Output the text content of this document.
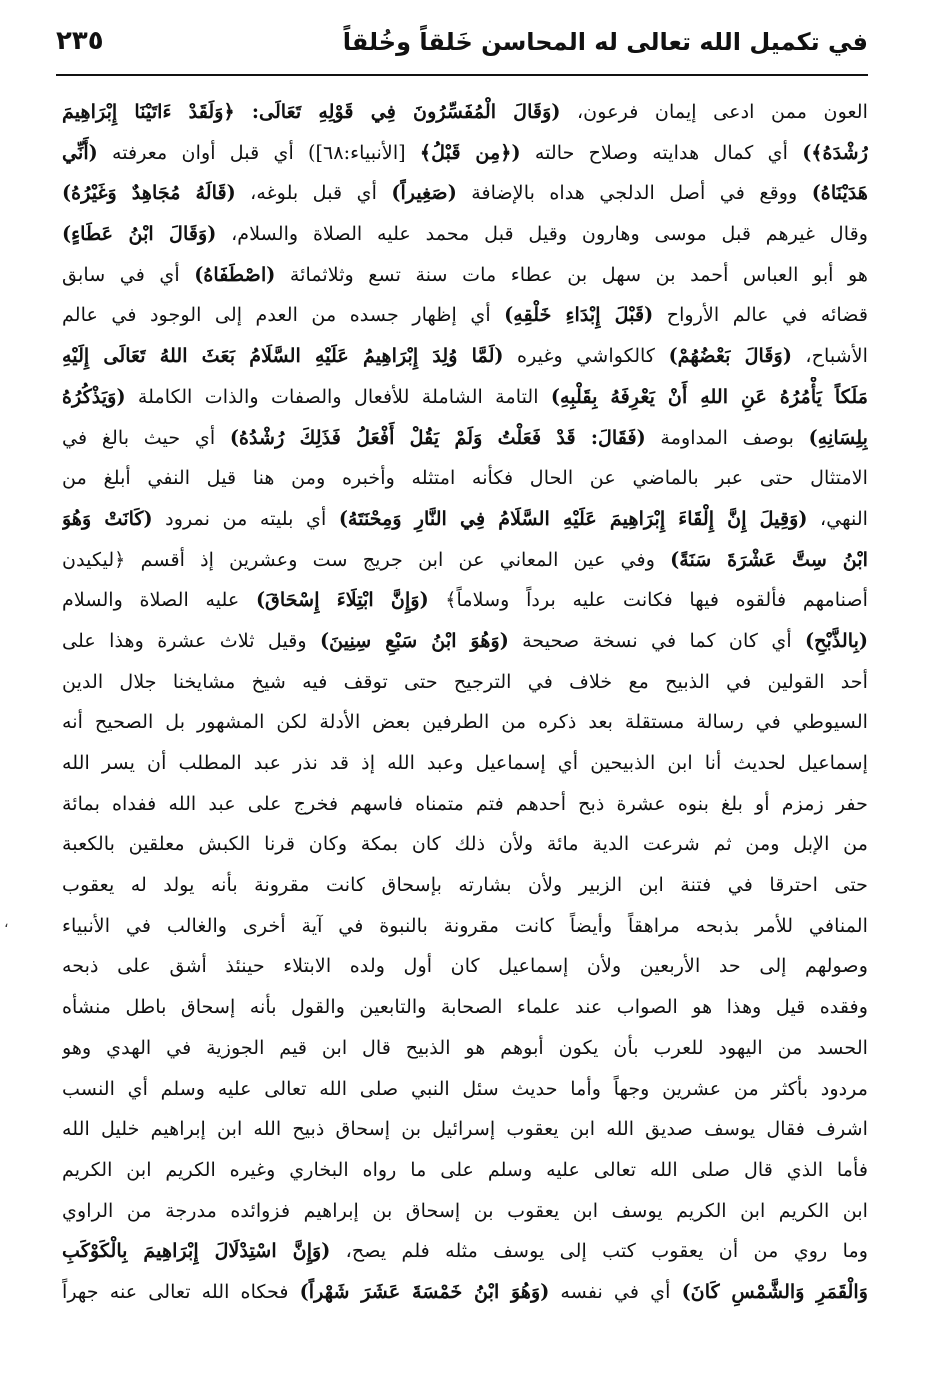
في تكميل الله تعالى له المحاسن خَلقاً وخُلقاً
٢٣٥
العون ممن ادعى إيمان فرعون، (وَقَالَ الْمُفَسِّرُونَ فِي قَوْلِهِ تَعَالَى: ﴿وَلَقَدْ ءَاتَيْنَا إِبْرَاهِيمَ
رُشْدَهُ﴾) أي كمال هدايته وصلاح حالته (﴿مِن قَبْلُ﴾ [الأنبياء:٦٨]) أي قبل أوان معرفته (أَنِّي
هَدَيْنَاهُ) ووقع في أصل الدلجي هداه بالإضافة (صَغِيراً) أي قبل بلوغه، (قَالَهُ مُجَاهِدٌ وَغَيْرُهُ)
وقال غيرهم قبل موسى وهارون وقيل قبل محمد عليه الصلاة والسلام، (وَقَالَ ابْنُ عَطَاءٍ)
هو أبو العباس أحمد بن سهل بن عطاء مات سنة تسع وثلاثمائة (اصْطَفَاهُ) أي في سابق
قضائه في عالم الأرواح (قَبْلَ إِبْدَاءِ خَلْقِهِ) أي إظهار جسده من العدم إلى الوجود في عالم
الأشباح، (وَقَالَ بَعْضُهُمْ) كالكواشي وغيره (لَمَّا وُلِدَ إِبْرَاهِيمُ عَلَيْهِ السَّلَامُ بَعَثَ اللهُ تَعَالَى إِلَيْهِ
مَلَكاً يَأْمُرُهُ عَنِ اللهِ أَنْ يَعْرِفَهُ بِقَلْبِهِ) التامة الشاملة للأفعال والصفات والذات الكاملة (وَيَذْكُرُهُ
بِلِسَانِهِ) بوصف المداومة (فَقَالَ: قَدْ فَعَلْتُ وَلَمْ يَقُلْ أَفْعَلُ فَذَلِكَ رُشْدُهُ) أي حيث بالغ في
الامتثال حتى عبر بالماضي عن الحال فكأنه امتثله وأخبره ومن هنا قيل النفي أبلغ من
النهي، (وَقِيلَ إِنَّ إِلْقَاءَ إِبْرَاهِيمَ عَلَيْهِ السَّلَامُ فِي النَّارِ وَمِحْنَتَهُ) أي بليته من نمرود (كَانَتْ وَهُوَ
ابْنُ سِتَّ عَشْرَةَ سَنَةً) وفي عين المعاني عن ابن جريج ست وعشرين إذ أقسم ﴿ليكيدن
أصنامهم فألقوه فيها فكانت عليه برداً وسلاماً﴾ (وَإِنَّ ابْتِلَاءَ إِسْحَاقَ) عليه الصلاة والسلام
(بِالذَّبْحِ) أي كان كما في نسخة صحيحة (وَهُوَ ابْنُ سَبْعِ سِنِينَ) وقيل ثلاث عشرة وهذا على
أحد القولين في الذبيح مع خلاف في الترجيح حتى توقف فيه شيخ مشايخنا جلال الدين
السيوطي في رسالة مستقلة بعد ذكره من الطرفين بعض الأدلة لكن المشهور بل الصحيح أنه
إسماعيل لحديث أنا ابن الذبيحين أي إسماعيل وعبد الله إذ قد نذر عبد المطلب أن يسر الله
حفر زمزم أو بلغ بنوه عشرة ذبح أحدهم فتم متمناه فاسهم فخرج على عبد الله ففداه بمائة
من الإبل ومن ثم شرعت الدية مائة ولأن ذلك كان بمكة وكان قرنا الكبش معلقين بالكعبة
حتى احترقا في فتنة ابن الزبير ولأن بشارته بإسحاق كانت مقرونة بأنه يولد له يعقوب
المنافي للأمر بذبحه مراهقاً وأيضاً كانت مقرونة بالنبوة في آية أخرى والغالب في الأنبياء
وصولهم إلى حد الأربعين ولأن إسماعيل كان أول ولده الابتلاء حينئذ أشق على ذبحه
وفقده قيل وهذا هو الصواب عند علماء الصحابة والتابعين والقول بأنه إسحاق باطل منشأه
الحسد من اليهود للعرب بأن يكون أبوهم هو الذبيح قال ابن قيم الجوزية في الهدي وهو
مردود بأكثر من عشرين وجهاً وأما حديث سئل النبي صلى الله تعالى عليه وسلم أي النسب
اشرف فقال يوسف صديق الله ابن يعقوب إسرائيل بن إسحاق ذبيح الله ابن إبراهيم خليل الله
فأما الذي قال صلى الله تعالى عليه وسلم على ما رواه البخاري وغيره الكريم ابن الكريم
ابن الكريم ابن الكريم يوسف ابن يعقوب بن إسحاق بن إبراهيم فزوائده مدرجة من الراوي
وما روي من أن يعقوب كتب إلى يوسف مثله فلم يصح، (وَإِنَّ اسْتِدْلَالَ إِبْرَاهِيمَ بِالْكَوْكَبِ
وَالْقَمَرِ وَالشَّمْسِ كَانَ) أي في نفسه (وَهُوَ ابْنُ خَمْسَةَ عَشَرَ شَهْراً) فحكاه الله تعالى عنه جهراً
،
